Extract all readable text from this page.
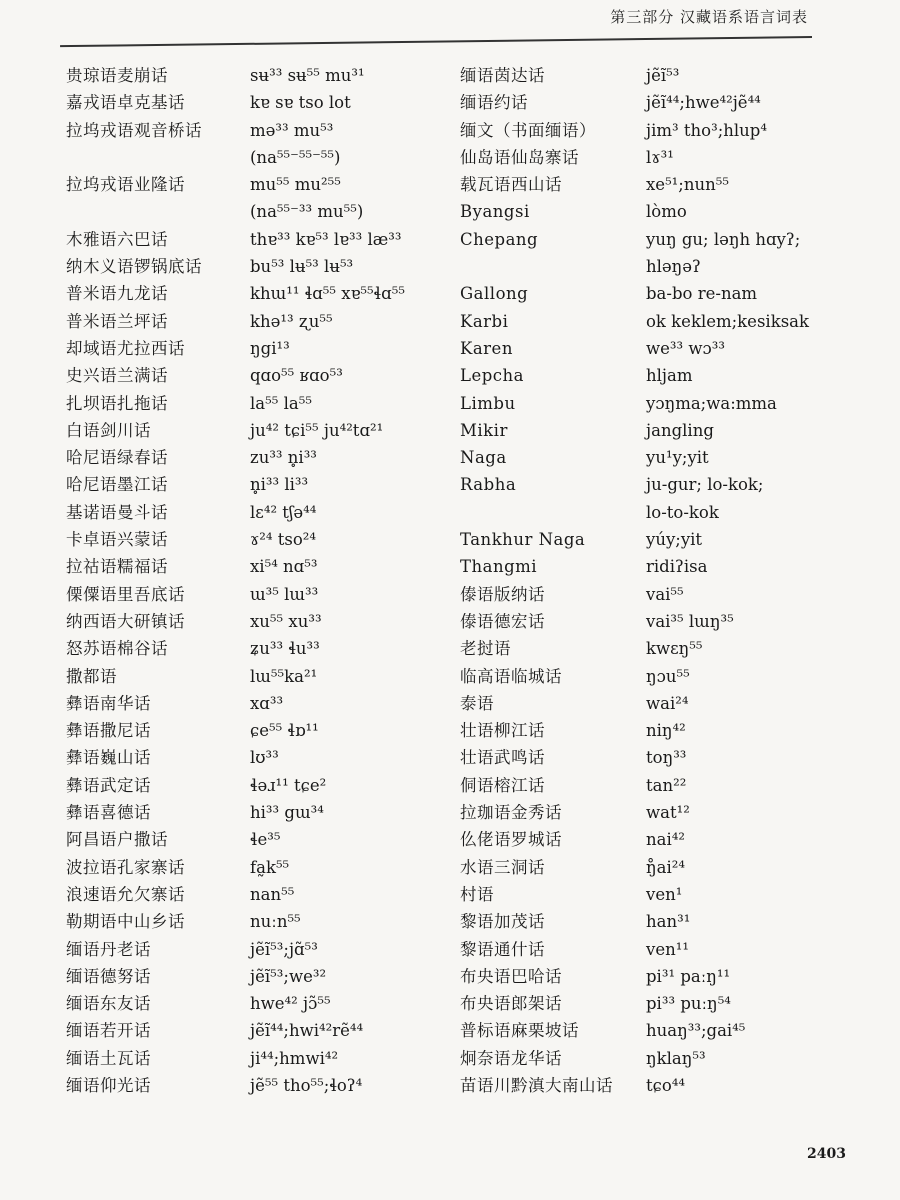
第三部分 汉藏语系语言词表
贵琼语麦崩话	sʉ³³ sʉ⁵⁵ mu³¹
嘉戎语卓克基话	kɐ sɐ tso lot
拉坞戎语观音桥话	mə³³ mu⁵³
(na⁵⁵⁻⁵⁵⁻⁵⁵)
拉坞戎语业隆话	mu⁵⁵ mu²⁵⁵
(na⁵⁵⁻³³ mu⁵⁵)
木雅语六巴话	thɐ³³ kɐ⁵³ lɐ³³ læ³³
纳木义语锣锅底话	bu⁵³ lʉ⁵³ lʉ⁵³
普米语九龙话	khɯ¹¹ ɬɑ⁵⁵ xɐ⁵⁵ɬɑ⁵⁵
普米语兰坪话	khə¹³ ʐu⁵⁵
却域语尤拉西话	ŋgi¹³
史兴语兰满话	qɑo⁵⁵ ʁɑo⁵³
扎坝语扎拖话	la⁵⁵ la⁵⁵
白语剑川话	ju⁴² tɕi⁵⁵ ju⁴²tɑ²¹
哈尼语绿春话	zu³³ n̥i³³
哈尼语墨江话	n̥i³³ li³³
基诺语曼斗话	lɛ⁴² tʃə⁴⁴
卡卓语兴蒙话	ɤ²⁴ tso²⁴
拉祜语糯福话	xi⁵⁴ nɑ⁵³
傈僳语里吾底话	ɯ³⁵ lɯ³³
纳西语大研镇话	xu⁵⁵ xu³³
怒苏语棉谷话	ʑu³³ ɬu³³
撒都语	lɯ⁵⁵ka²¹
彝语南华话	xɑ³³
彝语撒尼话	ɕe⁵⁵ ɬɒ¹¹
彝语巍山话	lʊ³³
彝语武定话	ɬəɹ¹¹ tɕe²
彝语喜德话	hi³³ gɯ³⁴
阿昌语户撒话	ɬe³⁵
波拉语孔家寨话	fa̰k⁵⁵
浪速语允欠寨话	nan⁵⁵
勒期语中山乡话	nuːn⁵⁵
缅语丹老话	jẽĩ⁵³;jɑ̃⁵³
缅语德努话	jẽĩ⁵³;we³²
缅语东友话	hwe⁴² jɔ̃⁵⁵
缅语若开话	jẽĩ⁴⁴;hwi⁴²rẽ⁴⁴
缅语土瓦话	ji⁴⁴;hmwi⁴²
缅语仰光话	jẽ⁵⁵ tho⁵⁵;ɬoʔ⁴
缅语茵达话	jẽĩ⁵³
缅语约话	jẽĩ⁴⁴;hwe⁴²jẽ⁴⁴
缅文（书面缅语）	jim³ tho³;hlup⁴
仙岛语仙岛寨话	lɤ³¹
载瓦语西山话	xe⁵¹;nun⁵⁵
Byangsi	lòmo
Chepang	yuŋ gu; ləŋh hɑyʔ;
hləŋəʔ
Gallong	ba-bo re-nam
Karbi	ok keklem;kesiksak
Karen	we³³ wɔ³³
Lepcha	hljam
Limbu	yɔŋma;wa:mma
Mikir	jangling
Naga	yu¹y;yit
Rabha	ju-gur; lo-kok;
lo-to-kok
Tankhur Naga	yúy;yit
Thangmi	ridiʔisa
傣语版纳话	vai⁵⁵
傣语德宏话	vai³⁵ lɯŋ³⁵
老挝语	kwɛŋ⁵⁵
临高语临城话	ŋɔu⁵⁵
泰语	wai²⁴
壮语柳江话	niŋ⁴²
壮语武鸣话	toŋ³³
侗语榕江话	tan²²
拉珈语金秀话	wat¹²
仫佬语罗城话	nai⁴²
水语三洞话	ŋ̊ai²⁴
村语	ven¹
黎语加茂话	han³¹
黎语通什话	ven¹¹
布央语巴哈话	pi³¹ paːŋ¹¹
布央语郎架话	pi³³ puːŋ⁵⁴
普标语麻栗坡话	huaŋ³³;gai⁴⁵
炯奈语龙华话	ŋklaŋ⁵³
苗语川黔滇大南山话 tɕo⁴⁴
2403
